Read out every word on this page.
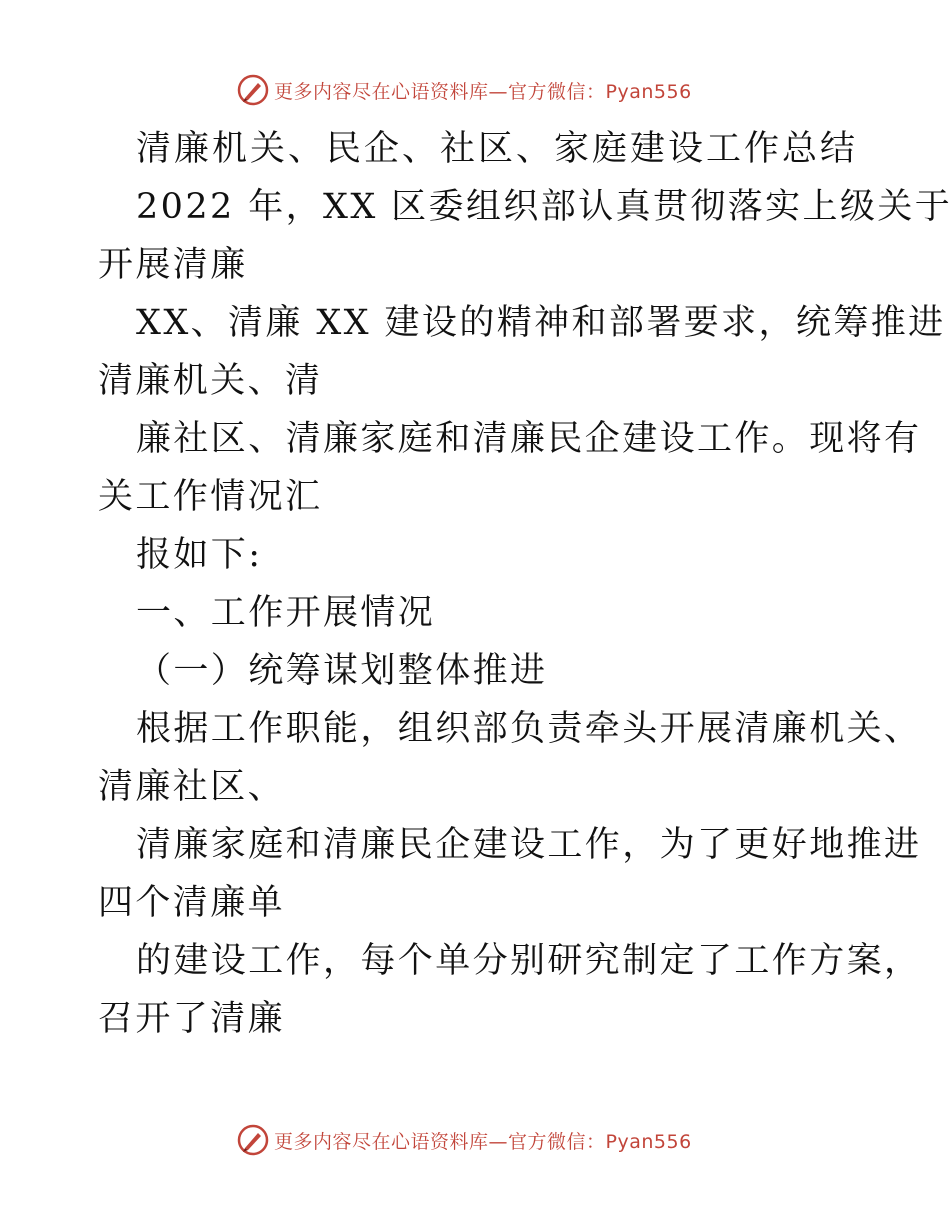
更多内容尽在心语资料库—官方微信：Pyan556
清廉机关、民企、社区、家庭建设工作总结
2022 年，XX 区委组织部认真贯彻落实上级关于
开展清廉
XX、清廉 XX 建设的精神和部署要求，统筹推进
清廉机关、清
廉社区、清廉家庭和清廉民企建设工作。现将有
关工作情况汇
报如下:
一、工作开展情况
（一）统筹谋划整体推进
根据工作职能，组织部负责牵头开展清廉机关、
清廉社区、
清廉家庭和清廉民企建设工作，为了更好地推进
四个清廉单
的建设工作，每个单分别研究制定了工作方案，
召开了清廉
更多内容尽在心语资料库—官方微信：Pyan556
